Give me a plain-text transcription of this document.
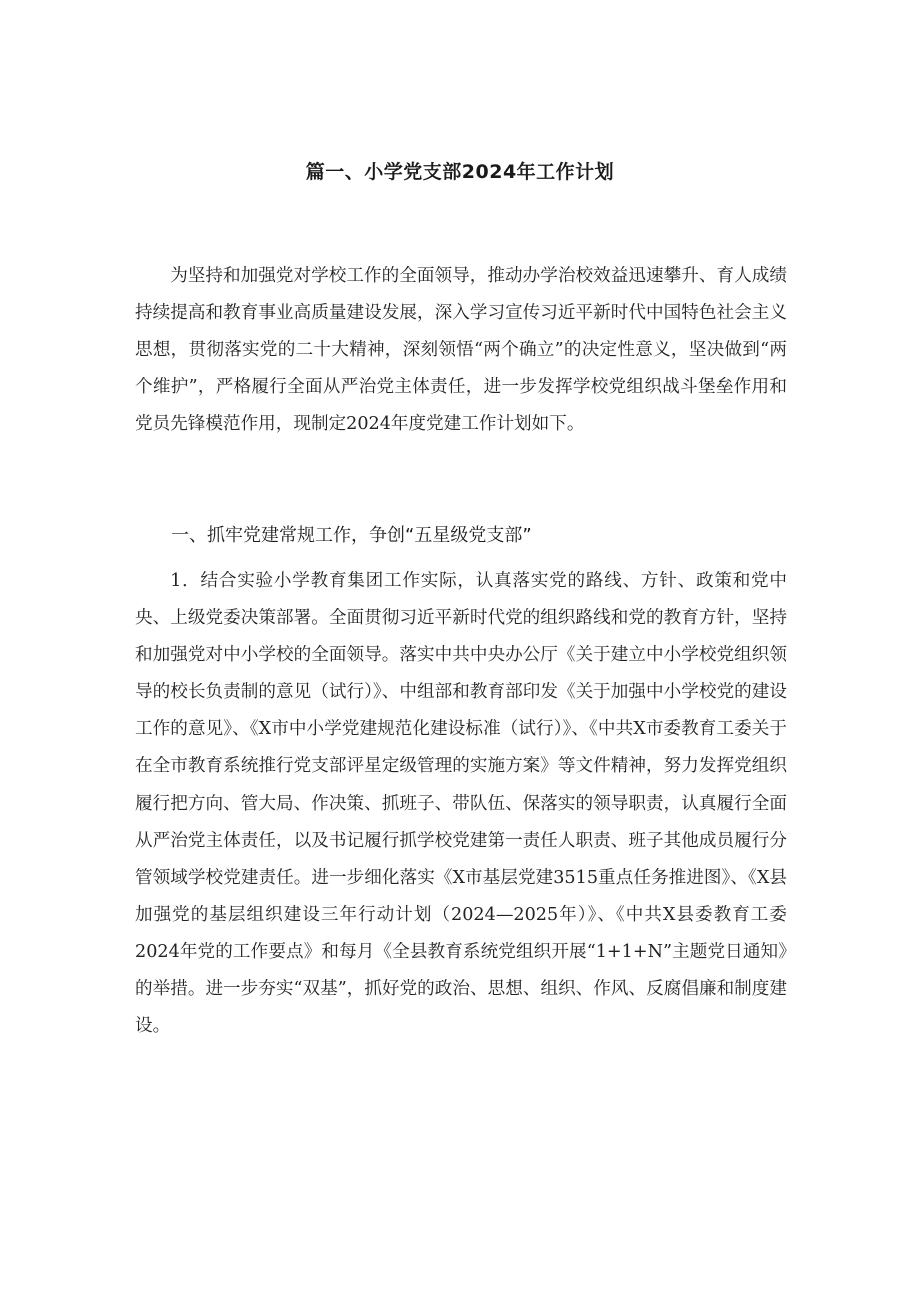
篇一、小学党支部2024年工作计划

为坚持和加强党对学校工作的全面领导，推动办学治校效益迅速攀升、育人成绩持续提高和教育事业高质量建设发展，深入学习宣传习近平新时代中国特色社会主义思想，贯彻落实党的二十大精神，深刻领悟“两个确立”的决定性意义，坚决做到“两个维护”，严格履行全面从严治党主体责任，进一步发挥学校党组织战斗堡垒作用和党员先锋模范作用，现制定2024年度党建工作计划如下。

一、抓牢党建常规工作，争创“五星级党支部”

1．结合实验小学教育集团工作实际，认真落实党的路线、方针、政策和党中央、上级党委决策部署。全面贯彻习近平新时代党的组织路线和党的教育方针，坚持和加强党对中小学校的全面领导。落实中共中央办公厅《关于建立中小学校党组织领导的校长负责制的意见（试行）》、中组部和教育部印发《关于加强中小学校党的建设工作的意见》、《X市中小学党建规范化建设标准（试行）》、《中共X市委教育工委关于在全市教育系统推行党支部评星定级管理的实施方案》等文件精神，努力发挥党组织履行把方向、管大局、作决策、抓班子、带队伍、保落实的领导职责，认真履行全面从严治党主体责任，以及书记履行抓学校党建第一责任人职责、班子其他成员履行分管领域学校党建责任。进一步细化落实《X市基层党建3515重点任务推进图》、《X县加强党的基层组织建设三年行动计划（2024—2025年）》、《中共X县委教育工委2024年党的工作要点》和每月《全县教育系统党组织开展“1+1+N”主题党日通知》的举措。进一步夯实“双基”，抓好党的政治、思想、组织、作风、反腐倡廉和制度建设。
